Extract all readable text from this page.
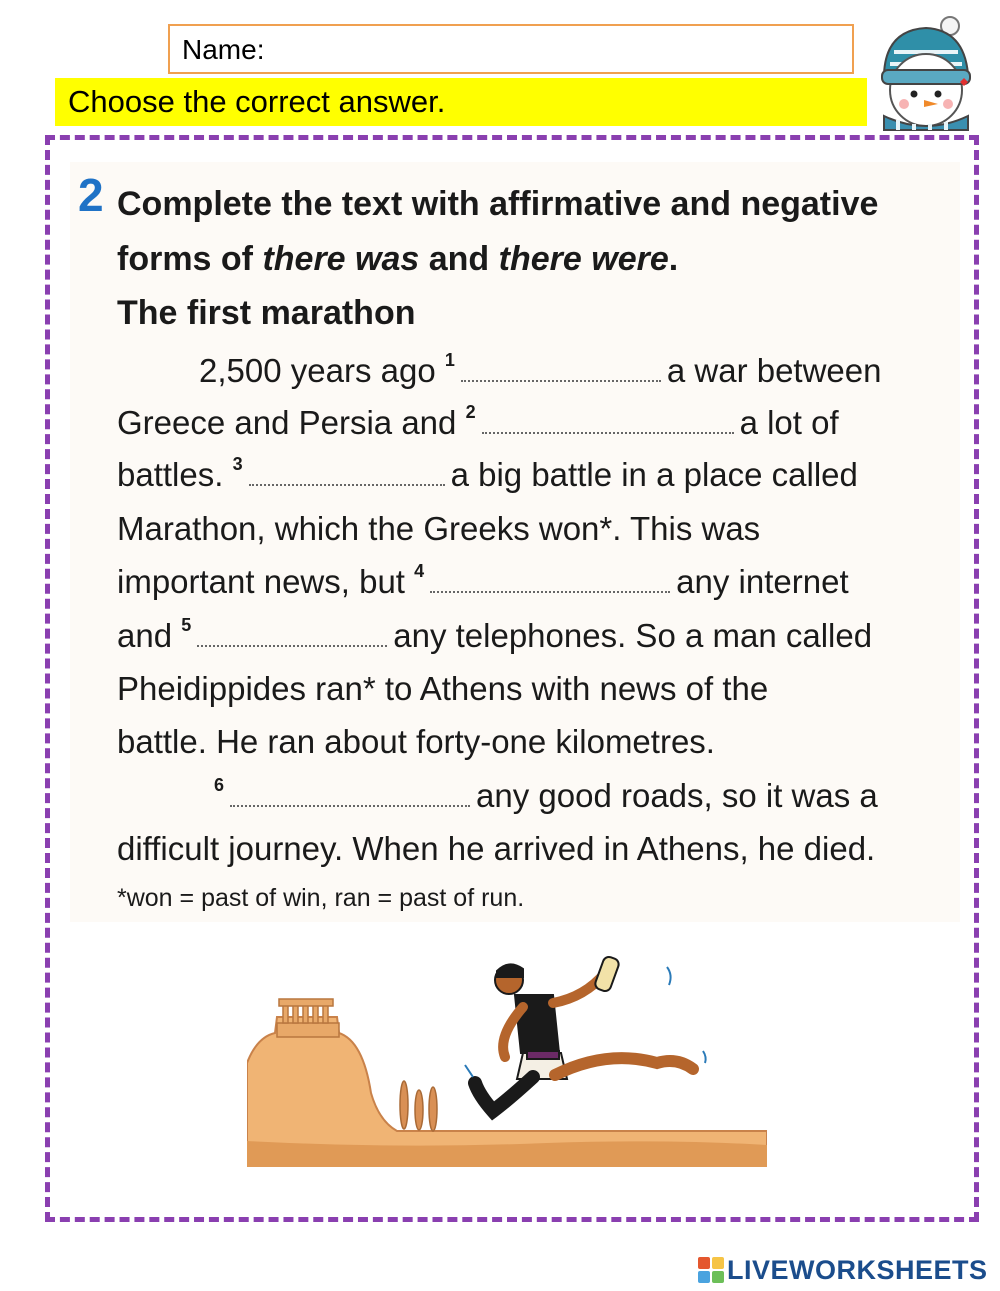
Name:
Choose the correct answer.
2 Complete the text with affirmative and negative forms of there was and there were.
The first marathon
2,500 years ago $^1$	a war between
Greece and Persia and $^2$	a lot of
battles. $^3$	a big battle in a place called
Marathon, which the Greeks won*. This was
important news, but $^4$	any internet
and $^5$	any telephones. So a man called
Pheidippides ran* to Athens with news of the
battle. He ran about forty-one kilometres.
$^6$	any good roads, so it was a
difficult journey. When he arrived in Athens, he died.
*won = past of win, ran = past of run.
LIVEWORKSHEETS
